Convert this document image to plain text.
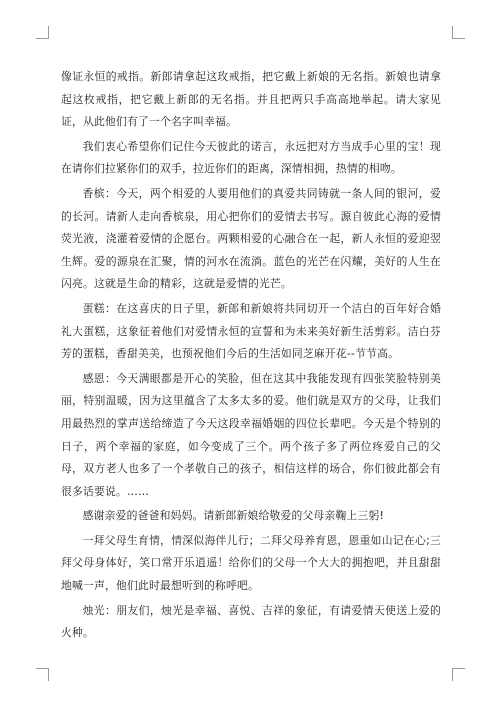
像证永恒的戒指。新郎请拿起这玫戒指，把它戴上新娘的无名指。新娘也请拿起这枚戒指，把它戴上新郎的无名指。并且把两只手高高地举起。请大家见证，从此他们有了一个名字叫幸福。

我们衷心希望你们记住今天彼此的诺言，永远把对方当成手心里的宝！现在请你们拉紧你们的双手，拉近你们的距离，深情相拥，热情的相吻。

香槟：今天，两个相爱的人要用他们的真爱共同铸就一条人间的银河，爱的长河。请新人走向香槟泉，用心把你们的爱情去书写。源自彼此心海的爱情荧光液，浇灌着爱情的企愿台。两颗相爱的心融合在一起，新人永恒的爱迎翌生辉。爱的源泉在汇聚，情的河水在流淌。蓝色的光芒在闪耀，美好的人生在闪亮。这就是生命的精彩，这就是爱情的光芒。

蛋糕：在这喜庆的日子里，新郎和新娘将共同切开一个洁白的百年好合婚礼大蛋糕，这象征着他们对爱情永恒的宣誓和为未来美好新生活剪彩。洁白芬芳的蛋糕，香甜美美，也预祝他们今后的生活如同芝麻开花--节节高。

感恩：今天满眼都是开心的笑脸，但在这其中我能发现有四张笑脸特别美丽，特别温暖，因为这里蕴含了太多太多的爱。他们就是双方的父母，让我们用最热烈的掌声送给缔造了今天这段幸福婚姻的四位长辈吧。今天是个特别的日子，两个幸福的家庭，如今变成了三个。两个孩子多了两位疼爱自己的父母，双方老人也多了一个孝敬自己的孩子，相信这样的场合，你们彼此都会有很多话要说。……

感谢亲爱的爸爸和妈妈。请新郎新娘给敬爱的父母亲鞠上三躬!

一拜父母生育情，情深似海伴儿行；二拜父母养育恩，恩重如山记在心;三拜父母身体好，笑口常开乐逍遥！给你们的父母一个大大的拥抱吧，并且甜甜地喊一声，他们此时最想听到的称呼吧。

烛光：朋友们，烛光是幸福、喜悦、吉祥的象征，有请爱情天使送上爱的火种。
